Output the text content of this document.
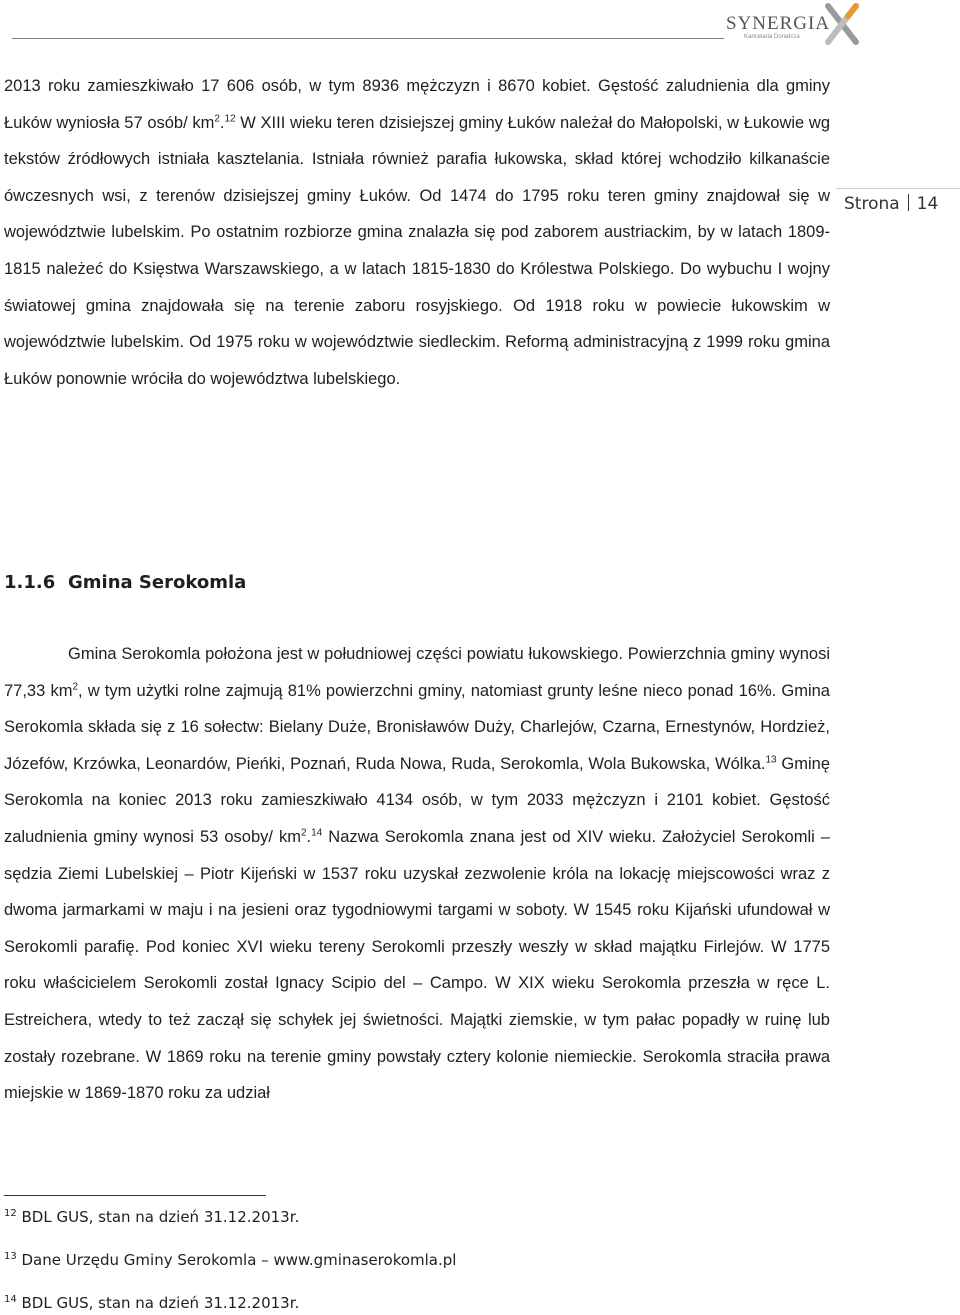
SYNERGIA
Kancelaria Doradcza
Strona 14

2013 roku zamieszkiwało 17 606 osób, w tym 8936 mężczyzn i 8670 kobiet. Gęstość zaludnienia dla gminy Łuków wyniosła 57 osób/ $km^2.^{12}$ W XIII wieku teren dzisiejszej gminy Łuków należał do Małopolski, w Łukowie wg tekstów źródłowych istniała kasztelania. Istniała również parafia łukowska, skład której wchodziło kilkanaście ówczesnych wsi, z terenów dzisiejszej gminy Łuków. Od 1474 do 1795 roku teren gminy znajdował się w województwie lubelskim. Po ostatnim rozbiorze gmina znalazła się pod zaborem austriackim, by w latach 1809-1815 należeć do Księstwa Warszawskiego, a w latach 1815-1830 do Królestwa Polskiego. Do wybuchu I wojny światowej gmina znajdowała się na terenie zaboru rosyjskiego. Od 1918 roku w powiecie łukowskim w województwie lubelskim. Od 1975 roku w województwie siedleckim. Reformą administracyjną z 1999 roku gmina Łuków ponownie wróciła do województwa lubelskiego.

1.1.6 Gmina Serokomla

Gmina Serokomla położona jest w południowej części powiatu łukowskiego. Powierzchnia gminy wynosi 77,33 $km^2$, w tym użytki rolne zajmują 81% powierzchni gminy, natomiast grunty leśne nieco ponad 16%. Gmina Serokomla składa się z 16 sołectw: Bielany Duże, Bronisławów Duży, Charlejów, Czarna, Ernestynów, Hordzież, Józefów, Krzówka, Leonardów, Pieńki, Poznań, Ruda Nowa, Ruda, Serokomla, Wola Bukowska, Wólka.$^{13}$ Gminę Serokomla na koniec 2013 roku zamieszkiwało 4134 osób, w tym 2033 mężczyzn i 2101 kobiet. Gęstość zaludnienia gminy wynosi 53 osoby/ $km^2.^{14}$ Nazwa Serokomla znana jest od XIV wieku. Założyciel Serokomli – sędzia Ziemi Lubelskiej – Piotr Kijeński w 1537 roku uzyskał zezwolenie króla na lokację miejscowości wraz z dwoma jarmarkami w maju i na jesieni oraz tygodniowymi targami w soboty. W 1545 roku Kijański ufundował w Serokomli parafię. Pod koniec XVI wieku tereny Serokomli przeszły weszły w skład majątku Firlejów. W 1775 roku właścicielem Serokomli został Ignacy Scipio del – Campo. W XIX wieku Serokomla przeszła w ręce L. Estreichera, wtedy to też zaczął się schyłek jej świetności. Majątki ziemskie, w tym pałac popadły w ruinę lub zostały rozebrane. W 1869 roku na terenie gminy powstały cztery kolonie niemieckie. Serokomla straciła prawa miejskie w 1869-1870 roku za udział

$^{12}$ BDL GUS, stan na dzień 31.12.2013r.

$^{13}$ Dane Urzędu Gminy Serokomla – www.gminaserokomla.pl

$^{14}$ BDL GUS, stan na dzień 31.12.2013r.
